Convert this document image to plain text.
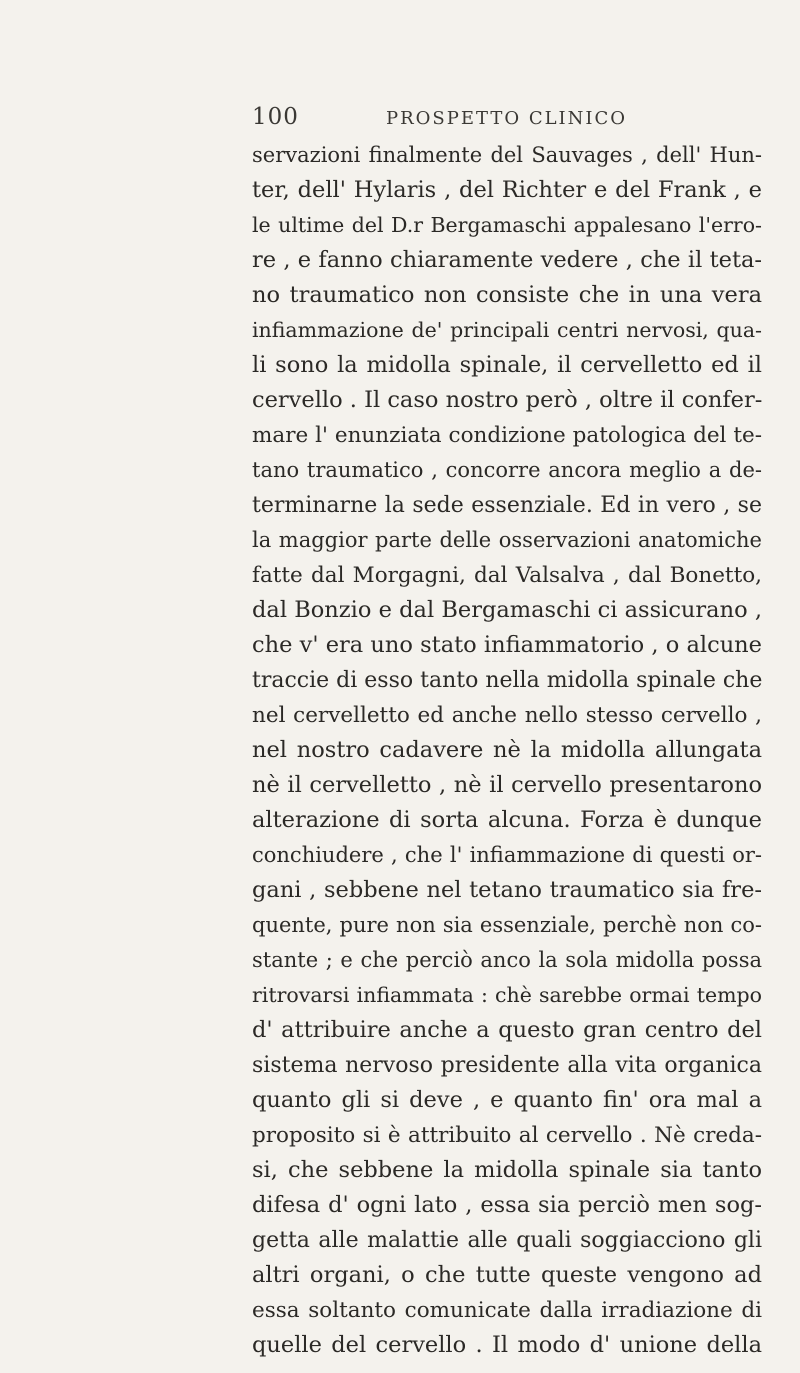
100	PROSPETTO CLINICO
servazioni finalmente del Sauvages , dell' Hun-
ter, dell' Hylaris , del Richter e del Frank , e
le ultime del D.r Bergamaschi appalesano l'erro-
re , e fanno chiaramente vedere , che il teta-
no traumatico non consiste che in una vera
infiammazione de' principali centri nervosi, qua-
li sono la midolla spinale, il cervelletto ed il
cervello . Il caso nostro però , oltre il confer-
mare l' enunziata condizione patologica del te-
tano traumatico , concorre ancora meglio a de-
terminarne la sede essenziale. Ed in vero , se
la maggior parte delle osservazioni anatomiche
fatte dal Morgagni, dal Valsalva , dal Bonetto,
dal Bonzio e dal Bergamaschi ci assicurano ,
che v' era uno stato infiammatorio , o alcune
traccie di esso tanto nella midolla spinale che
nel cervelletto ed anche nello stesso cervello ,
nel nostro cadavere nè la midolla allungata
nè il cervelletto , nè il cervello presentarono
alterazione di sorta alcuna. Forza è dunque
conchiudere , che l' infiammazione di questi or-
gani , sebbene nel tetano traumatico sia fre-
quente, pure non sia essenziale, perchè non co-
stante ; e che perciò anco la sola midolla possa
ritrovarsi infiammata : chè sarebbe ormai tempo
d' attribuire anche a questo gran centro del
sistema nervoso presidente alla vita organica
quanto gli si deve , e quanto fin' ora mal a
proposito si è attribuito al cervello . Nè creda-
si, che sebbene la midolla spinale sia tanto
difesa d' ogni lato , essa sia perciò men sog-
getta alle malattie alle quali soggiacciono gli
altri organi, o che tutte queste vengono ad
essa soltanto comunicate dalla irradiazione di
quelle del cervello . Il modo d' unione della
